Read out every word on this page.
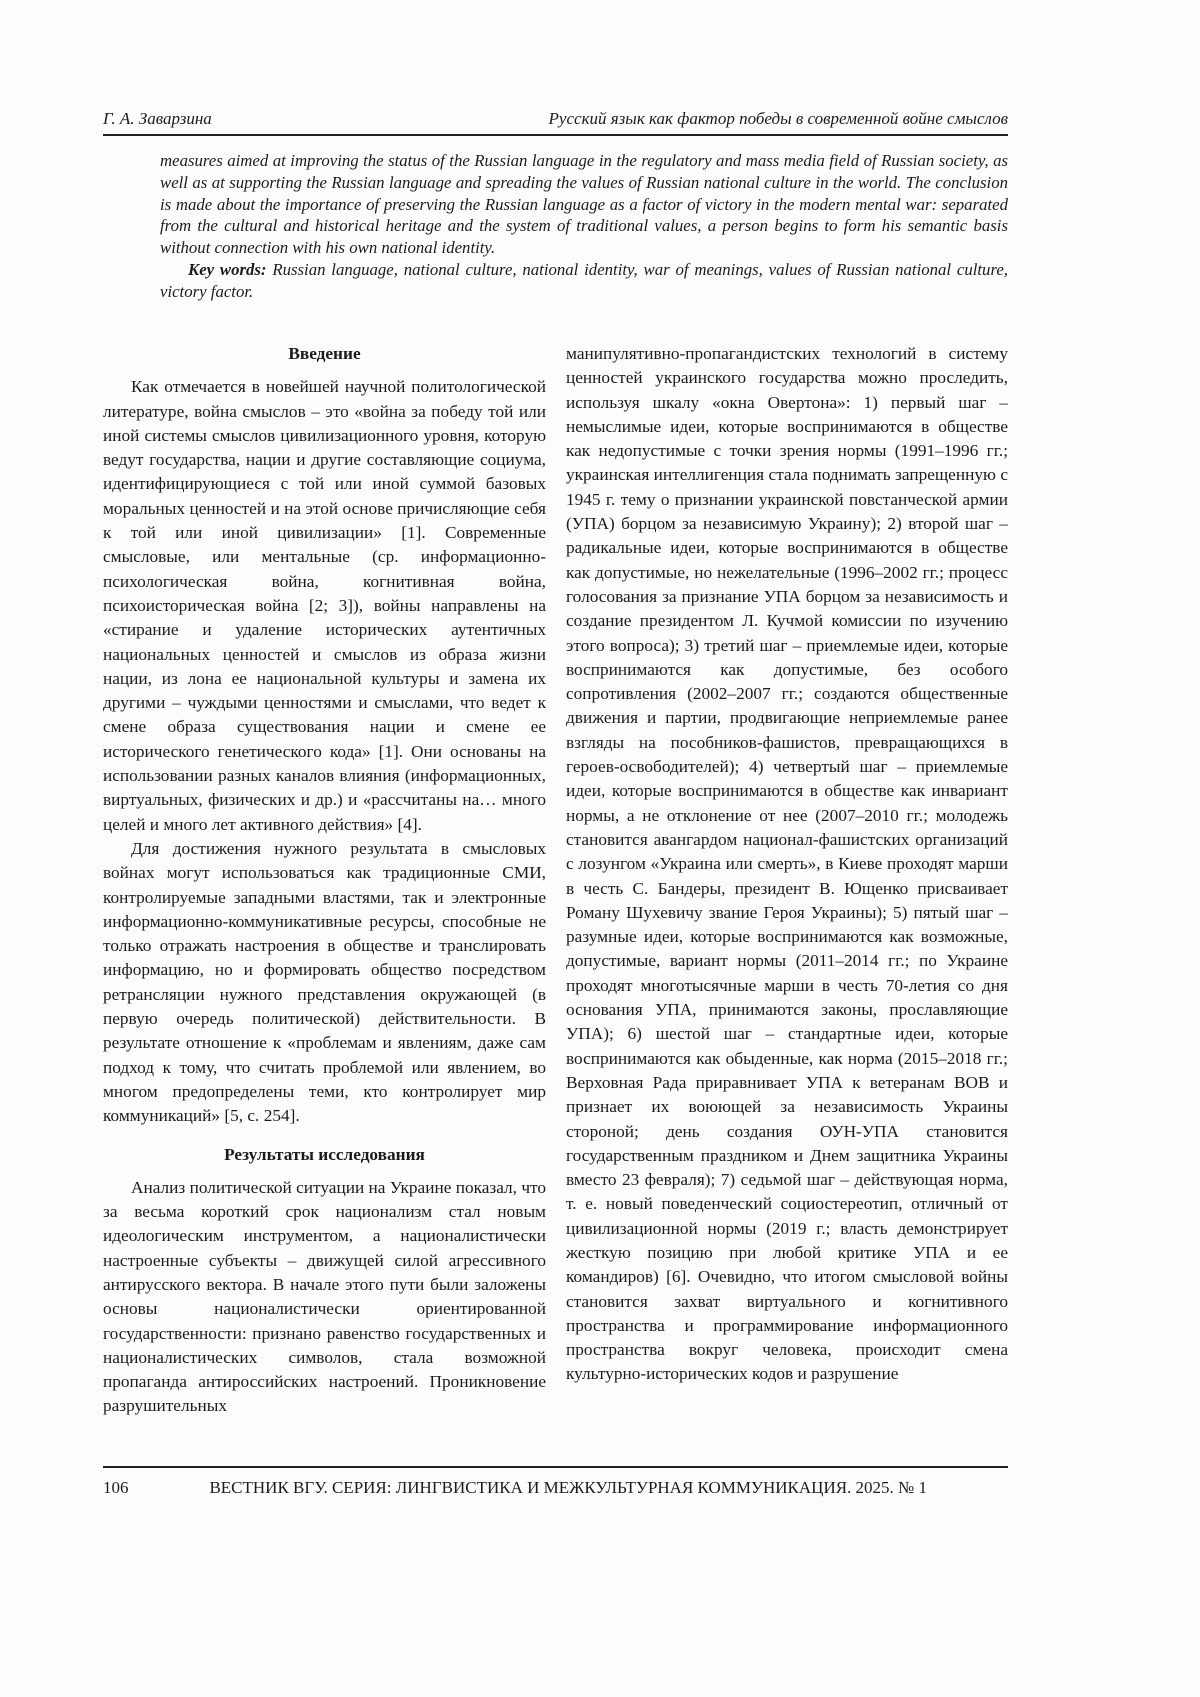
Г. А. Заварзина	Русский язык как фактор победы в современной войне смыслов

measures aimed at improving the status of the Russian language in the regulatory and mass media field of Russian society, as well as at supporting the Russian language and spreading the values of Russian national culture in the world. The conclusion is made about the importance of preserving the Russian language as a factor of victory in the modern mental war: separated from the cultural and historical heritage and the system of traditional values, a person begins to form his semantic basis without connection with his own national identity.

Key words: Russian language, national culture, national identity, war of meanings, values of Russian national culture, victory factor.

Введение

Как отмечается в новейшей научной политологической литературе, война смыслов – это «война за победу той или иной системы смыслов цивилизационного уровня, которую ведут государства, нации и другие составляющие социума, идентифицирующиеся с той или иной суммой базовых моральных ценностей и на этой основе причисляющие себя к той или иной цивилизации» [1]. Современные смысловые, или ментальные (ср. информационно-психологическая война, когнитивная война, психоисторическая война [2; 3]), войны направлены на «стирание и удаление исторических аутентичных национальных ценностей и смыслов из образа жизни нации, из лона ее национальной культуры и замена их другими – чуждыми ценностями и смыслами, что ведет к смене образа существования нации и смене ее исторического генетического кода» [1]. Они основаны на использовании разных каналов влияния (информационных, виртуальных, физических и др.) и «рассчитаны на… много целей и много лет активного действия» [4].

Для достижения нужного результата в смысловых войнах могут использоваться как традиционные СМИ, контролируемые западными властями, так и электронные информационно-коммуникативные ресурсы, способные не только отражать настроения в обществе и транслировать информацию, но и формировать общество посредством ретрансляции нужного представления окружающей (в первую очередь политической) действительности. В результате отношение к «проблемам и явлениям, даже сам подход к тому, что считать проблемой или явлением, во многом предопределены теми, кто контролирует мир коммуникаций» [5, с. 254].

Результаты исследования

Анализ политической ситуации на Украине показал, что за весьма короткий срок национализм стал новым идеологическим инструментом, а националистически настроенные субъекты – движущей силой агрессивного антирусского вектора. В начале этого пути были заложены основы националистически ориентированной государственности: признано равенство государственных и националистических символов, стала возможной пропаганда антироссийских настроений. Проникновение разрушительных

манипулятивно-пропагандистских технологий в систему ценностей украинского государства можно проследить, используя шкалу «окна Овертона»: 1) первый шаг – немыслимые идеи, которые воспринимаются в обществе как недопустимые с точки зрения нормы (1991–1996 гг.; украинская интеллигенция стала поднимать запрещенную с 1945 г. тему о признании украинской повстанческой армии (УПА) борцом за независимую Украину); 2) второй шаг – радикальные идеи, которые воспринимаются в обществе как допустимые, но нежелательные (1996–2002 гг.; процесс голосования за признание УПА борцом за независимость и создание президентом Л. Кучмой комиссии по изучению этого вопроса); 3) третий шаг – приемлемые идеи, которые воспринимаются как допустимые, без особого сопротивления (2002–2007 гг.; создаются общественные движения и партии, продвигающие неприемлемые ранее взгляды на пособников-фашистов, превращающихся в героев-освободителей); 4) четвертый шаг – приемлемые идеи, которые воспринимаются в обществе как инвариант нормы, а не отклонение от нее (2007–2010 гг.; молодежь становится авангардом национал-фашистских организаций с лозунгом «Украина или смерть», в Киеве проходят марши в честь С. Бандеры, президент В. Ющенко присваивает Роману Шухевичу звание Героя Украины); 5) пятый шаг – разумные идеи, которые воспринимаются как возможные, допустимые, вариант нормы (2011–2014 гг.; по Украине проходят многотысячные марши в честь 70-летия со дня основания УПА, принимаются законы, прославляющие УПА); 6) шестой шаг – стандартные идеи, которые воспринимаются как обыденные, как норма (2015–2018 гг.; Верховная Рада приравнивает УПА к ветеранам ВОВ и признает их воюющей за независимость Украины стороной; день создания ОУН-УПА становится государственным праздником и Днем защитника Украины вместо 23 февраля); 7) седьмой шаг – действующая норма, т. е. новый поведенческий социостереотип, отличный от цивилизационной нормы (2019 г.; власть демонстрирует жесткую позицию при любой критике УПА и ее командиров) [6]. Очевидно, что итогом смысловой войны становится захват виртуального и когнитивного пространства и программирование информационного пространства вокруг человека, происходит смена культурно-исторических кодов и разрушение

106	ВЕСТНИК ВГУ. СЕРИЯ: ЛИНГВИСТИКА И МЕЖКУЛЬТУРНАЯ КОММУНИКАЦИЯ. 2025. № 1
